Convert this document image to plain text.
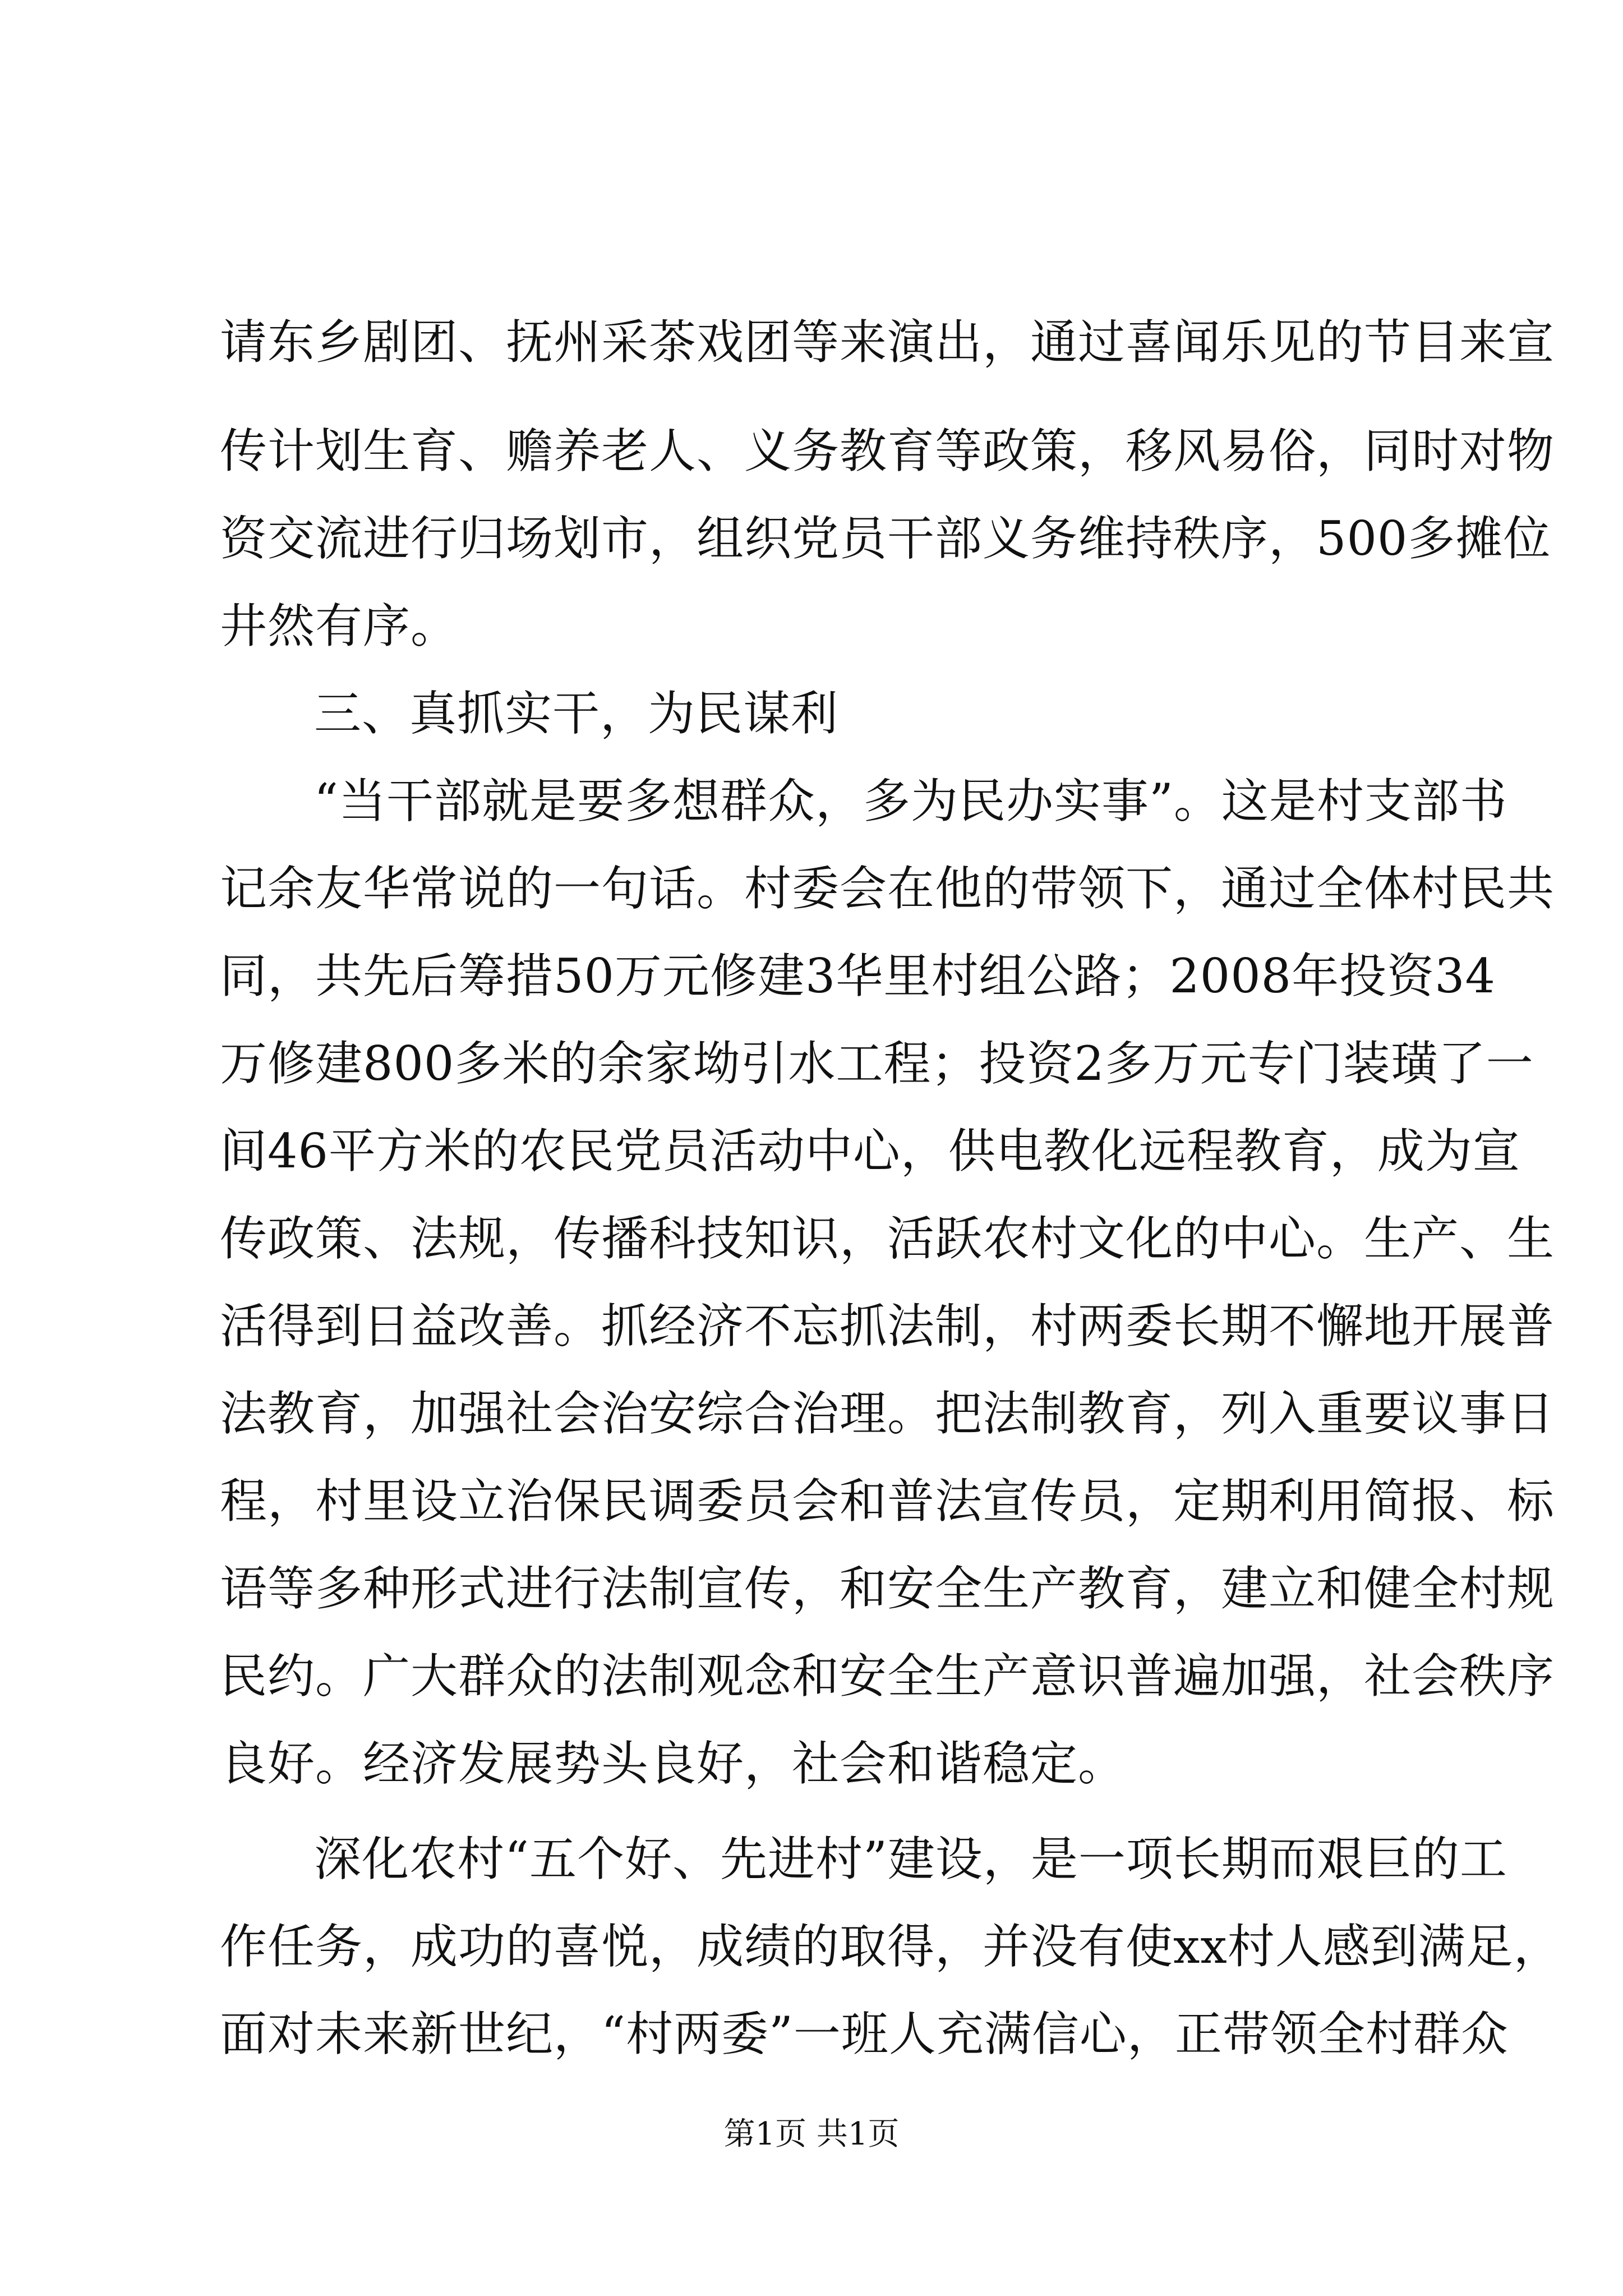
请东乡剧团、抚州采茶戏团等来演出，通过喜闻乐见的节目来宣
传计划生育、赡养老人、义务教育等政策，移风易俗，同时对物
资交流进行归场划市，组织党员干部义务维持秩序，500多摊位
井然有序。
三、真抓实干，为民谋利
“当干部就是要多想群众，多为民办实事”。这是村支部书
记余友华常说的一句话。村委会在他的带领下，通过全体村民共
同，共先后筹措50万元修建3华里村组公路；2008年投资34
万修建800多米的余家坳引水工程；投资2多万元专门装璜了一
间46平方米的农民党员活动中心，供电教化远程教育，成为宣
传政策、法规，传播科技知识，活跃农村文化的中心。生产、生
活得到日益改善。抓经济不忘抓法制，村两委长期不懈地开展普
法教育，加强社会治安综合治理。把法制教育，列入重要议事日
程，村里设立治保民调委员会和普法宣传员，定期利用简报、标
语等多种形式进行法制宣传，和安全生产教育，建立和健全村规
民约。广大群众的法制观念和安全生产意识普遍加强，社会秩序
良好。经济发展势头良好，社会和谐稳定。
深化农村“五个好、先进村”建设，是一项长期而艰巨的工
作任务，成功的喜悦，成绩的取得，并没有使xx村人感到满足，
面对未来新世纪，“村两委”一班人充满信心，正带领全村群众
第1页 共1页
